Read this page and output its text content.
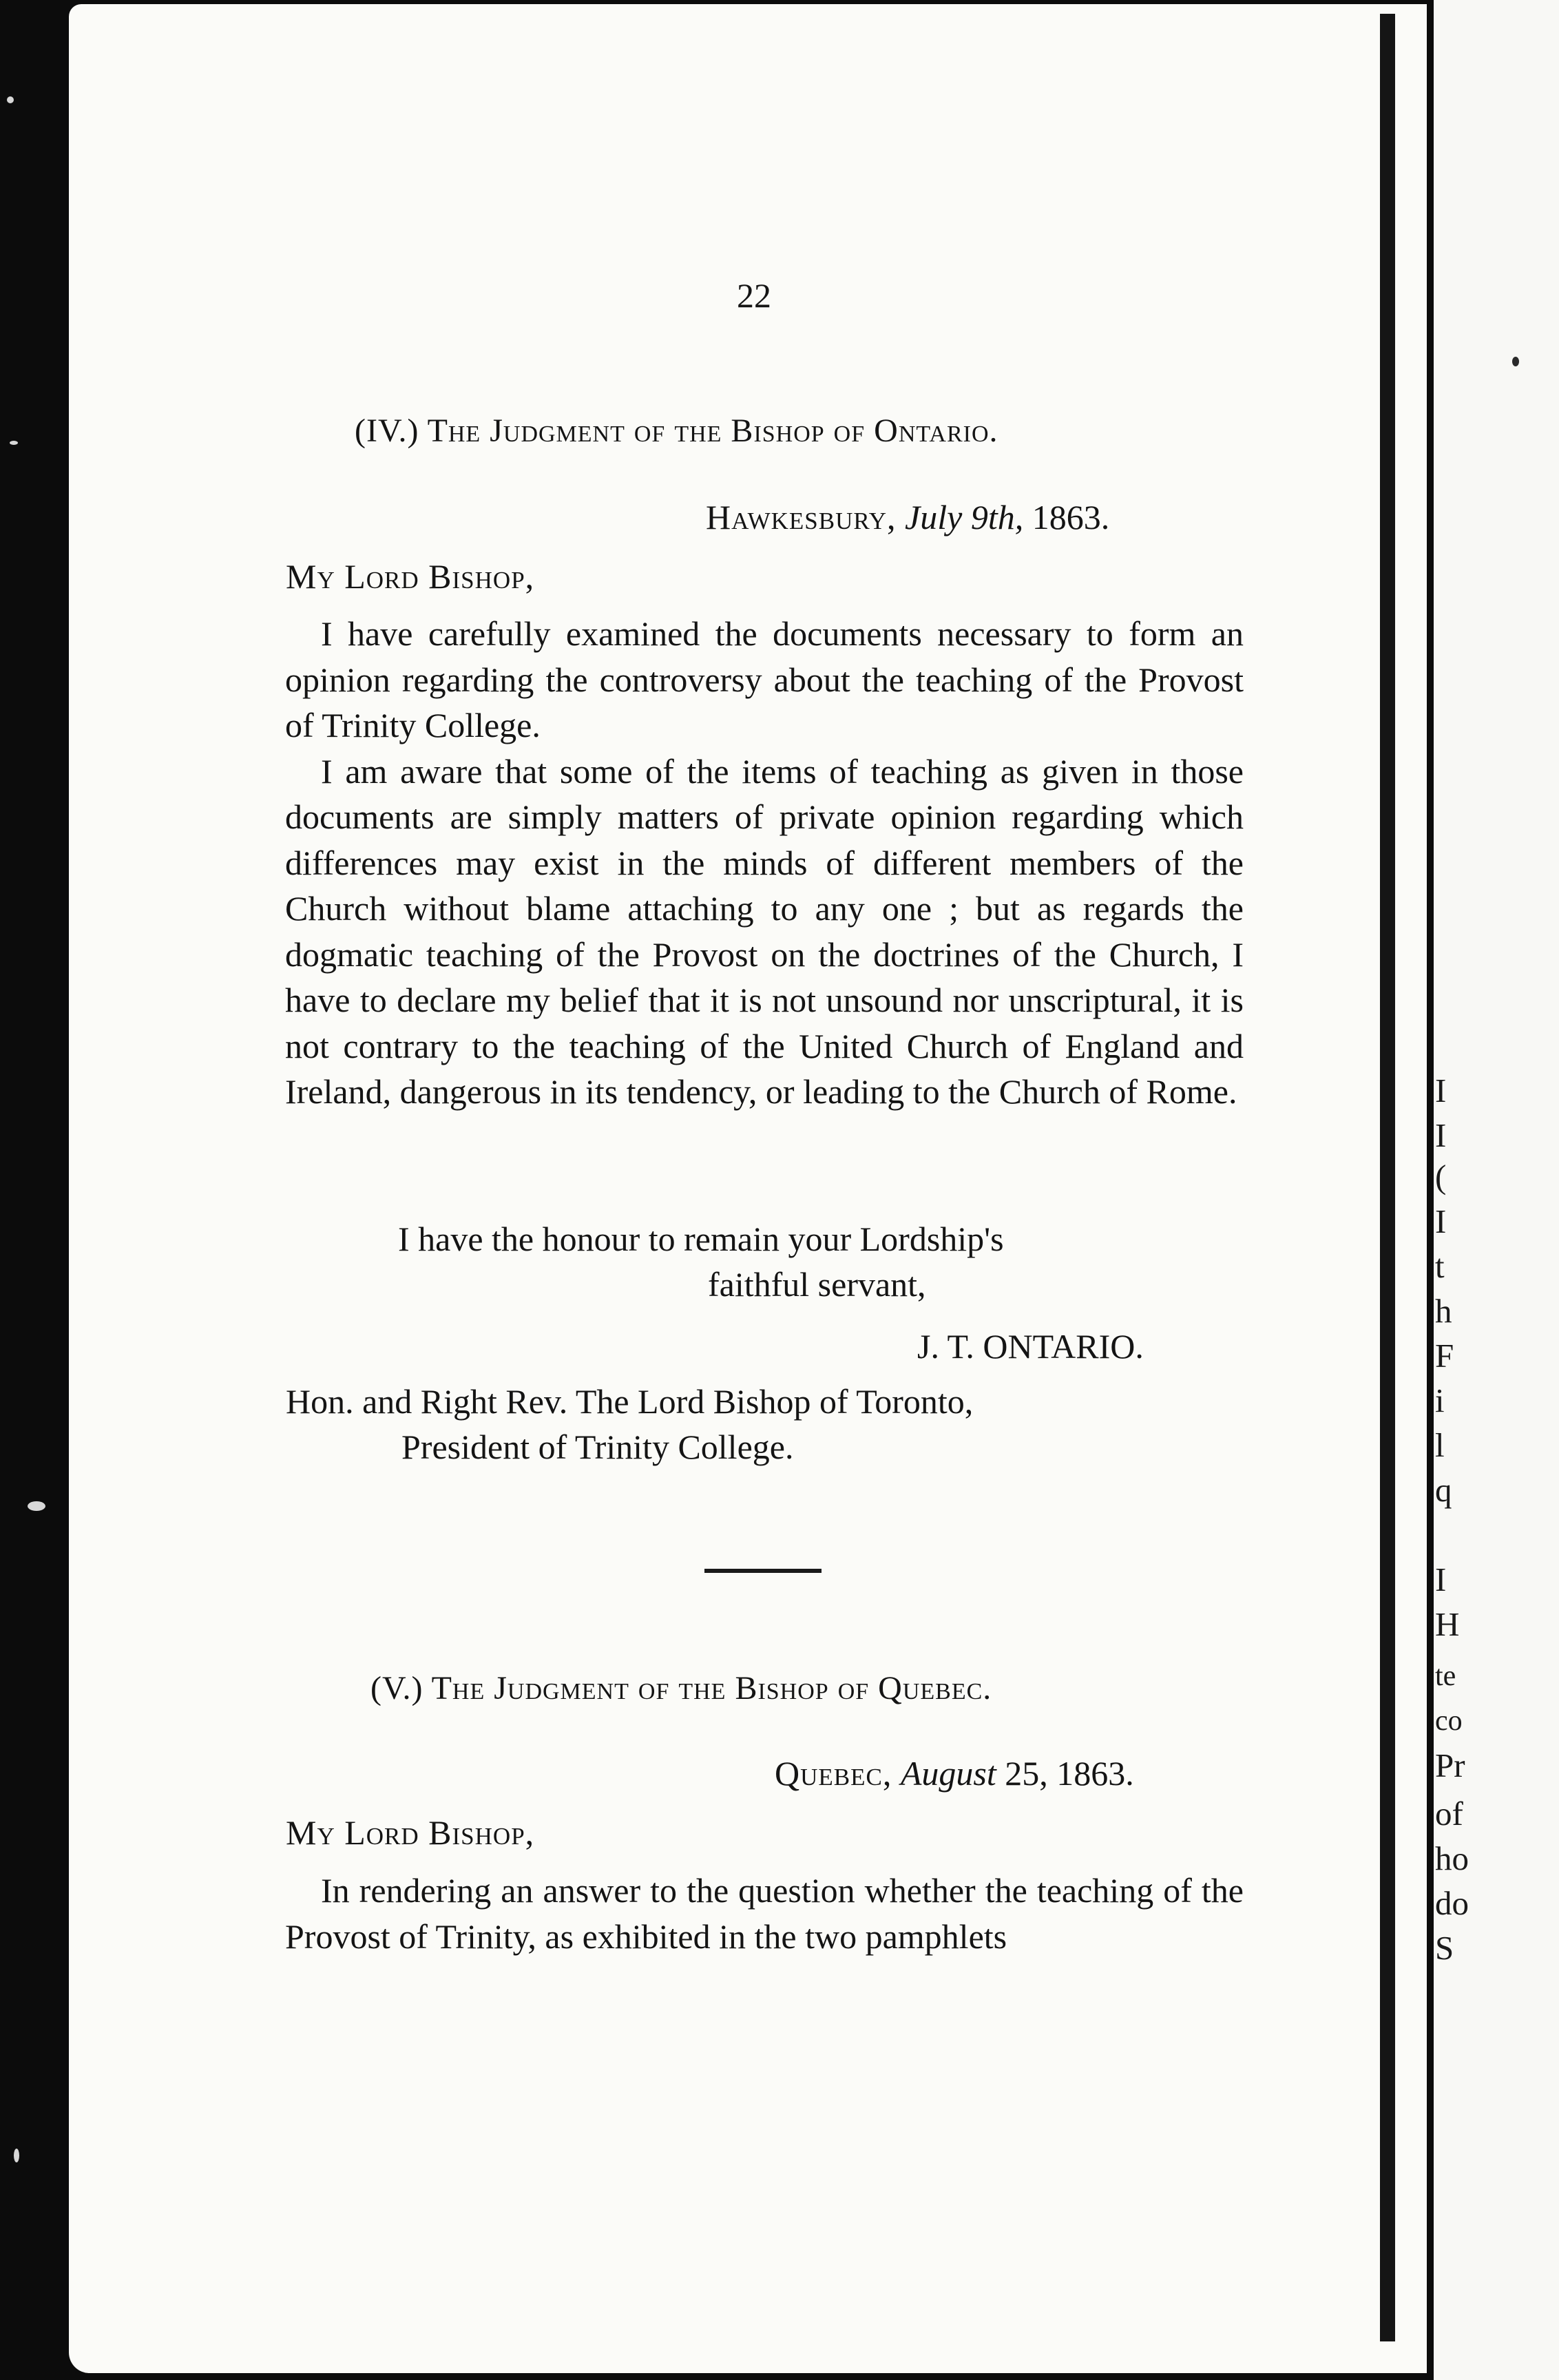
I
I
(
I
t
h
F
i
l
q
I
H
te
co
Pr
of
ho
do
S
22
(IV.) The Judgment of the Bishop of Ontario.
Hawkesbury, July 9th, 1863.
My Lord Bishop,

I have carefully examined the documents necessary to form an opinion regarding the controversy about the teaching of the Provost of Trinity College.

I am aware that some of the items of teaching as given in those documents are simply matters of private opinion regarding which differences may exist in the minds of different members of the Church without blame attaching to any one ; but as regards the dogmatic teaching of the Provost on the doctrines of the Church, I have to declare my belief that it is not unsound nor unscriptural, it is not contrary to the teaching of the United Church of England and Ireland, dangerous in its tendency, or leading to the Church of Rome.

I have the honour to remain your Lordship's
faithful servant,
J. T. ONTARIO.
Hon. and Right Rev. The Lord Bishop of Toronto,
President of Trinity College.
(V.) The Judgment of the Bishop of Quebec.
Quebec, August 25, 1863.
My Lord Bishop,

In rendering an answer to the question whether the teaching of the Provost of Trinity, as exhibited in the two pamphlets
